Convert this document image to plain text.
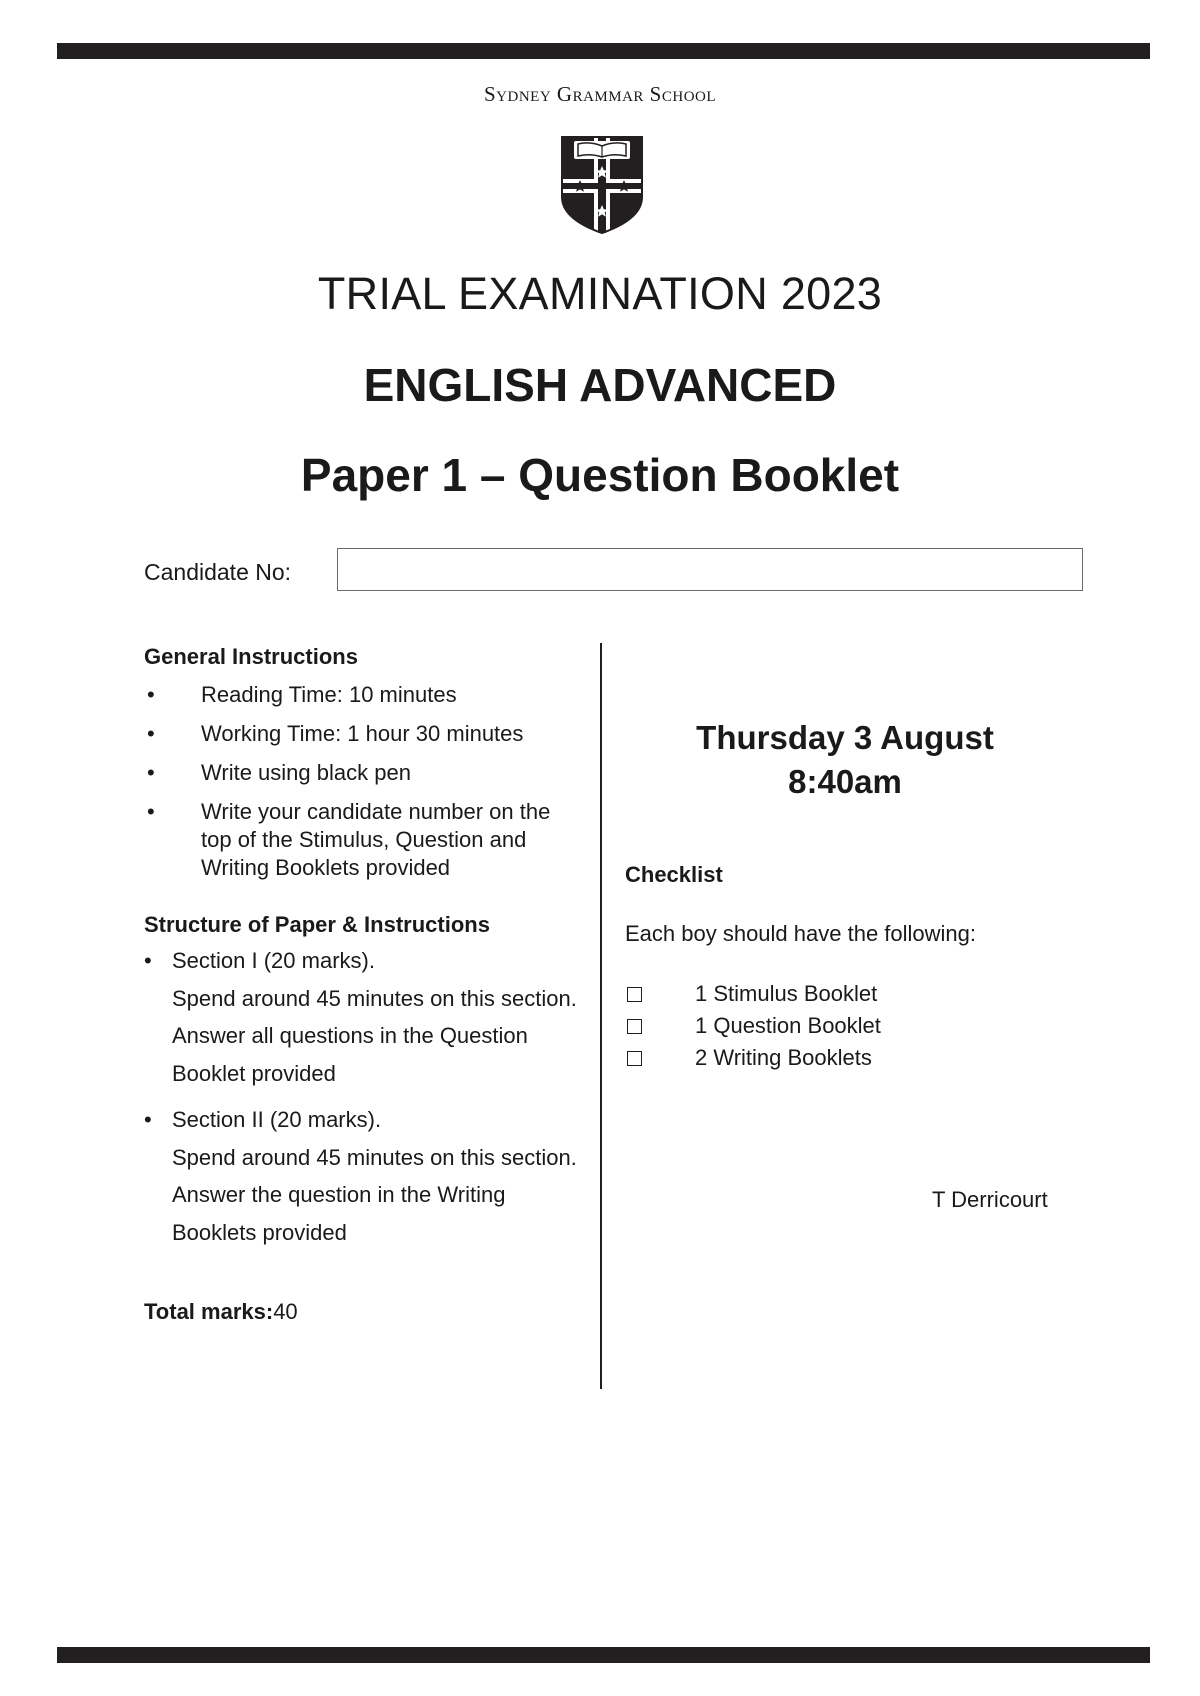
Sydney Grammar School
TRIAL EXAMINATION 2023
ENGLISH ADVANCED
Paper 1 – Question Booklet
Candidate No:
General Instructions
• Reading Time: 10 minutes
• Working Time: 1 hour 30 minutes
• Write using black pen
• Write your candidate number on the top of the Stimulus, Question and Writing Booklets provided
Structure of Paper & Instructions
• Section I (20 marks).
Spend around 45 minutes on this section. Answer all questions in the Question Booklet provided
• Section II (20 marks).
Spend around 45 minutes on this section. Answer the question in the Writing Booklets provided
Total marks:40
Thursday 3 August
8:40am
Checklist
Each boy should have the following:
1 Stimulus Booklet
1 Question Booklet
2 Writing Booklets
T Derricourt
